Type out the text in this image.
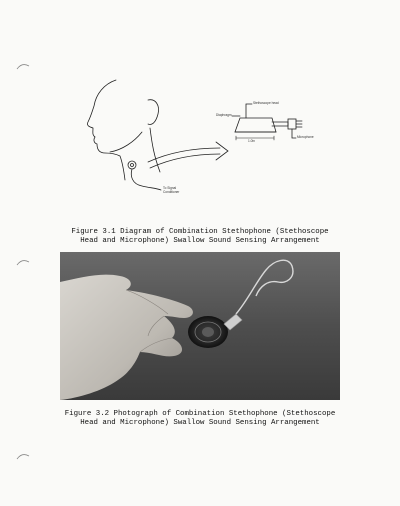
Stethoscope head
Diaphragm
Microphone
1.0in
To Signal
Conditioner
Figure 3.1 Diagram of Combination Stethophone (Stethoscope
Head and Microphone) Swallow Sound Sensing Arrangement
Figure 3.2 Photograph of Combination Stethophone (Stethoscope
Head and Microphone) Swallow Sound Sensing Arrangement
